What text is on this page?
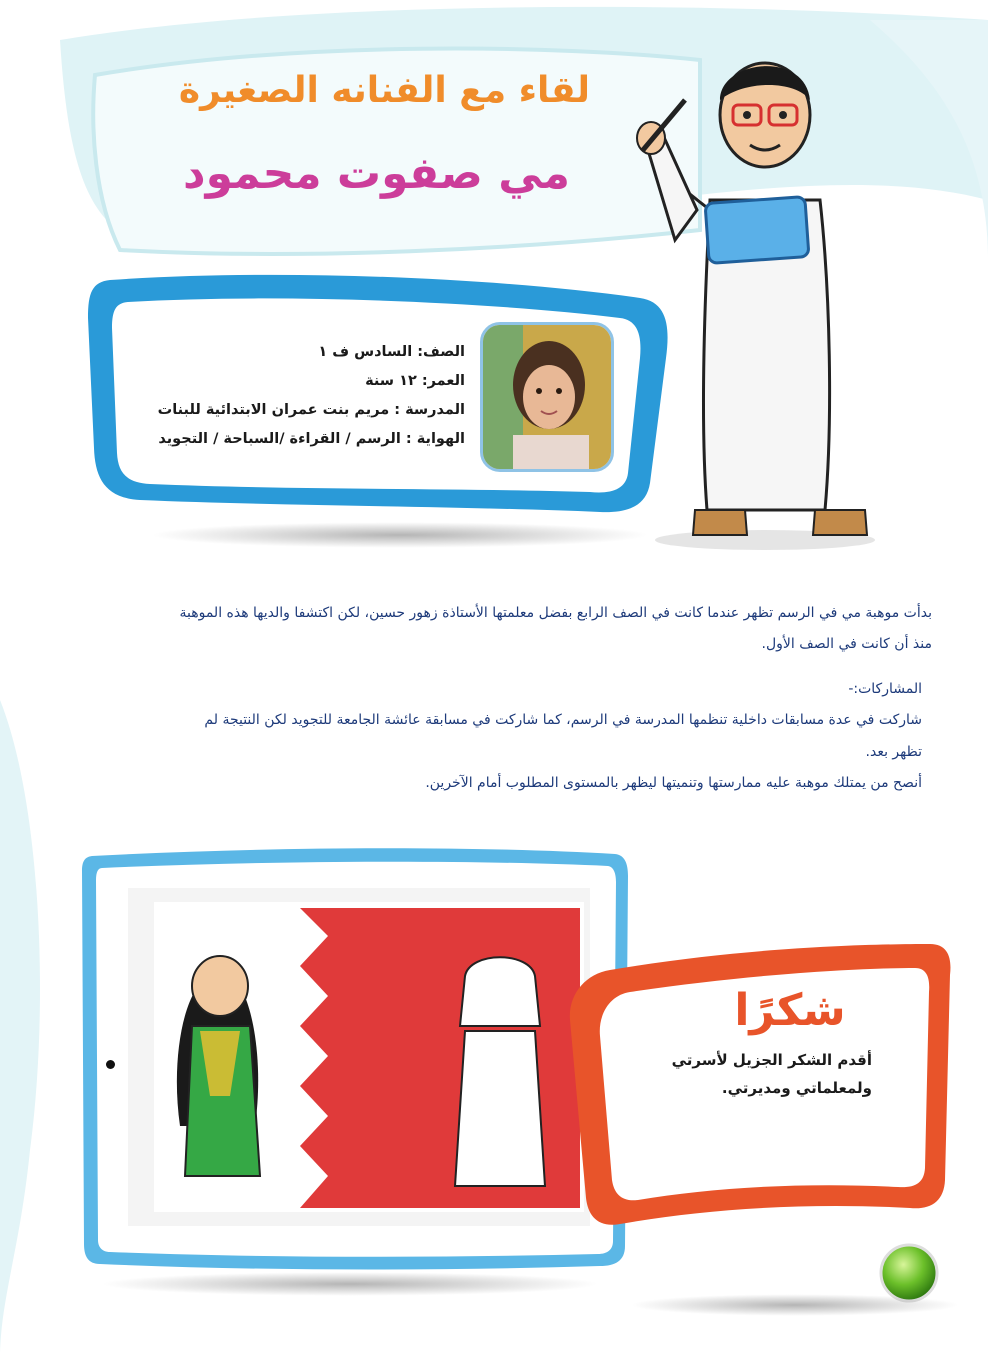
لقاء مع الفنانه الصغيرة
مي صفوت محمود
الصف: السادس ف ١
العمر: ١٢ سنة
المدرسة : مريم بنت عمران الابتدائية للبنات
الهواية : الرسم / القراءة /السباحة / التجويد
بدأت موهبة مي في الرسم تظهر عندما كانت في الصف الرابع بفضل معلمتها الأستاذة زهور حسين، لكن اكتشفا والديها هذه الموهبة
منذ أن كانت في الصف الأول.
المشاركات:-
شاركت في عدة مسابقات داخلية تنظمها المدرسة في الرسم، كما شاركت في مسابقة عائشة الجامعة للتجويد لكن النتيجة لم
تظهر بعد.
أنصح من يمتلك موهبة عليه ممارستها وتنميتها ليظهر بالمستوى المطلوب أمام الآخرين.
شكرًا
أقدم الشكر الجزيل لأسرتي
ولمعلماتي ومديرتي.
